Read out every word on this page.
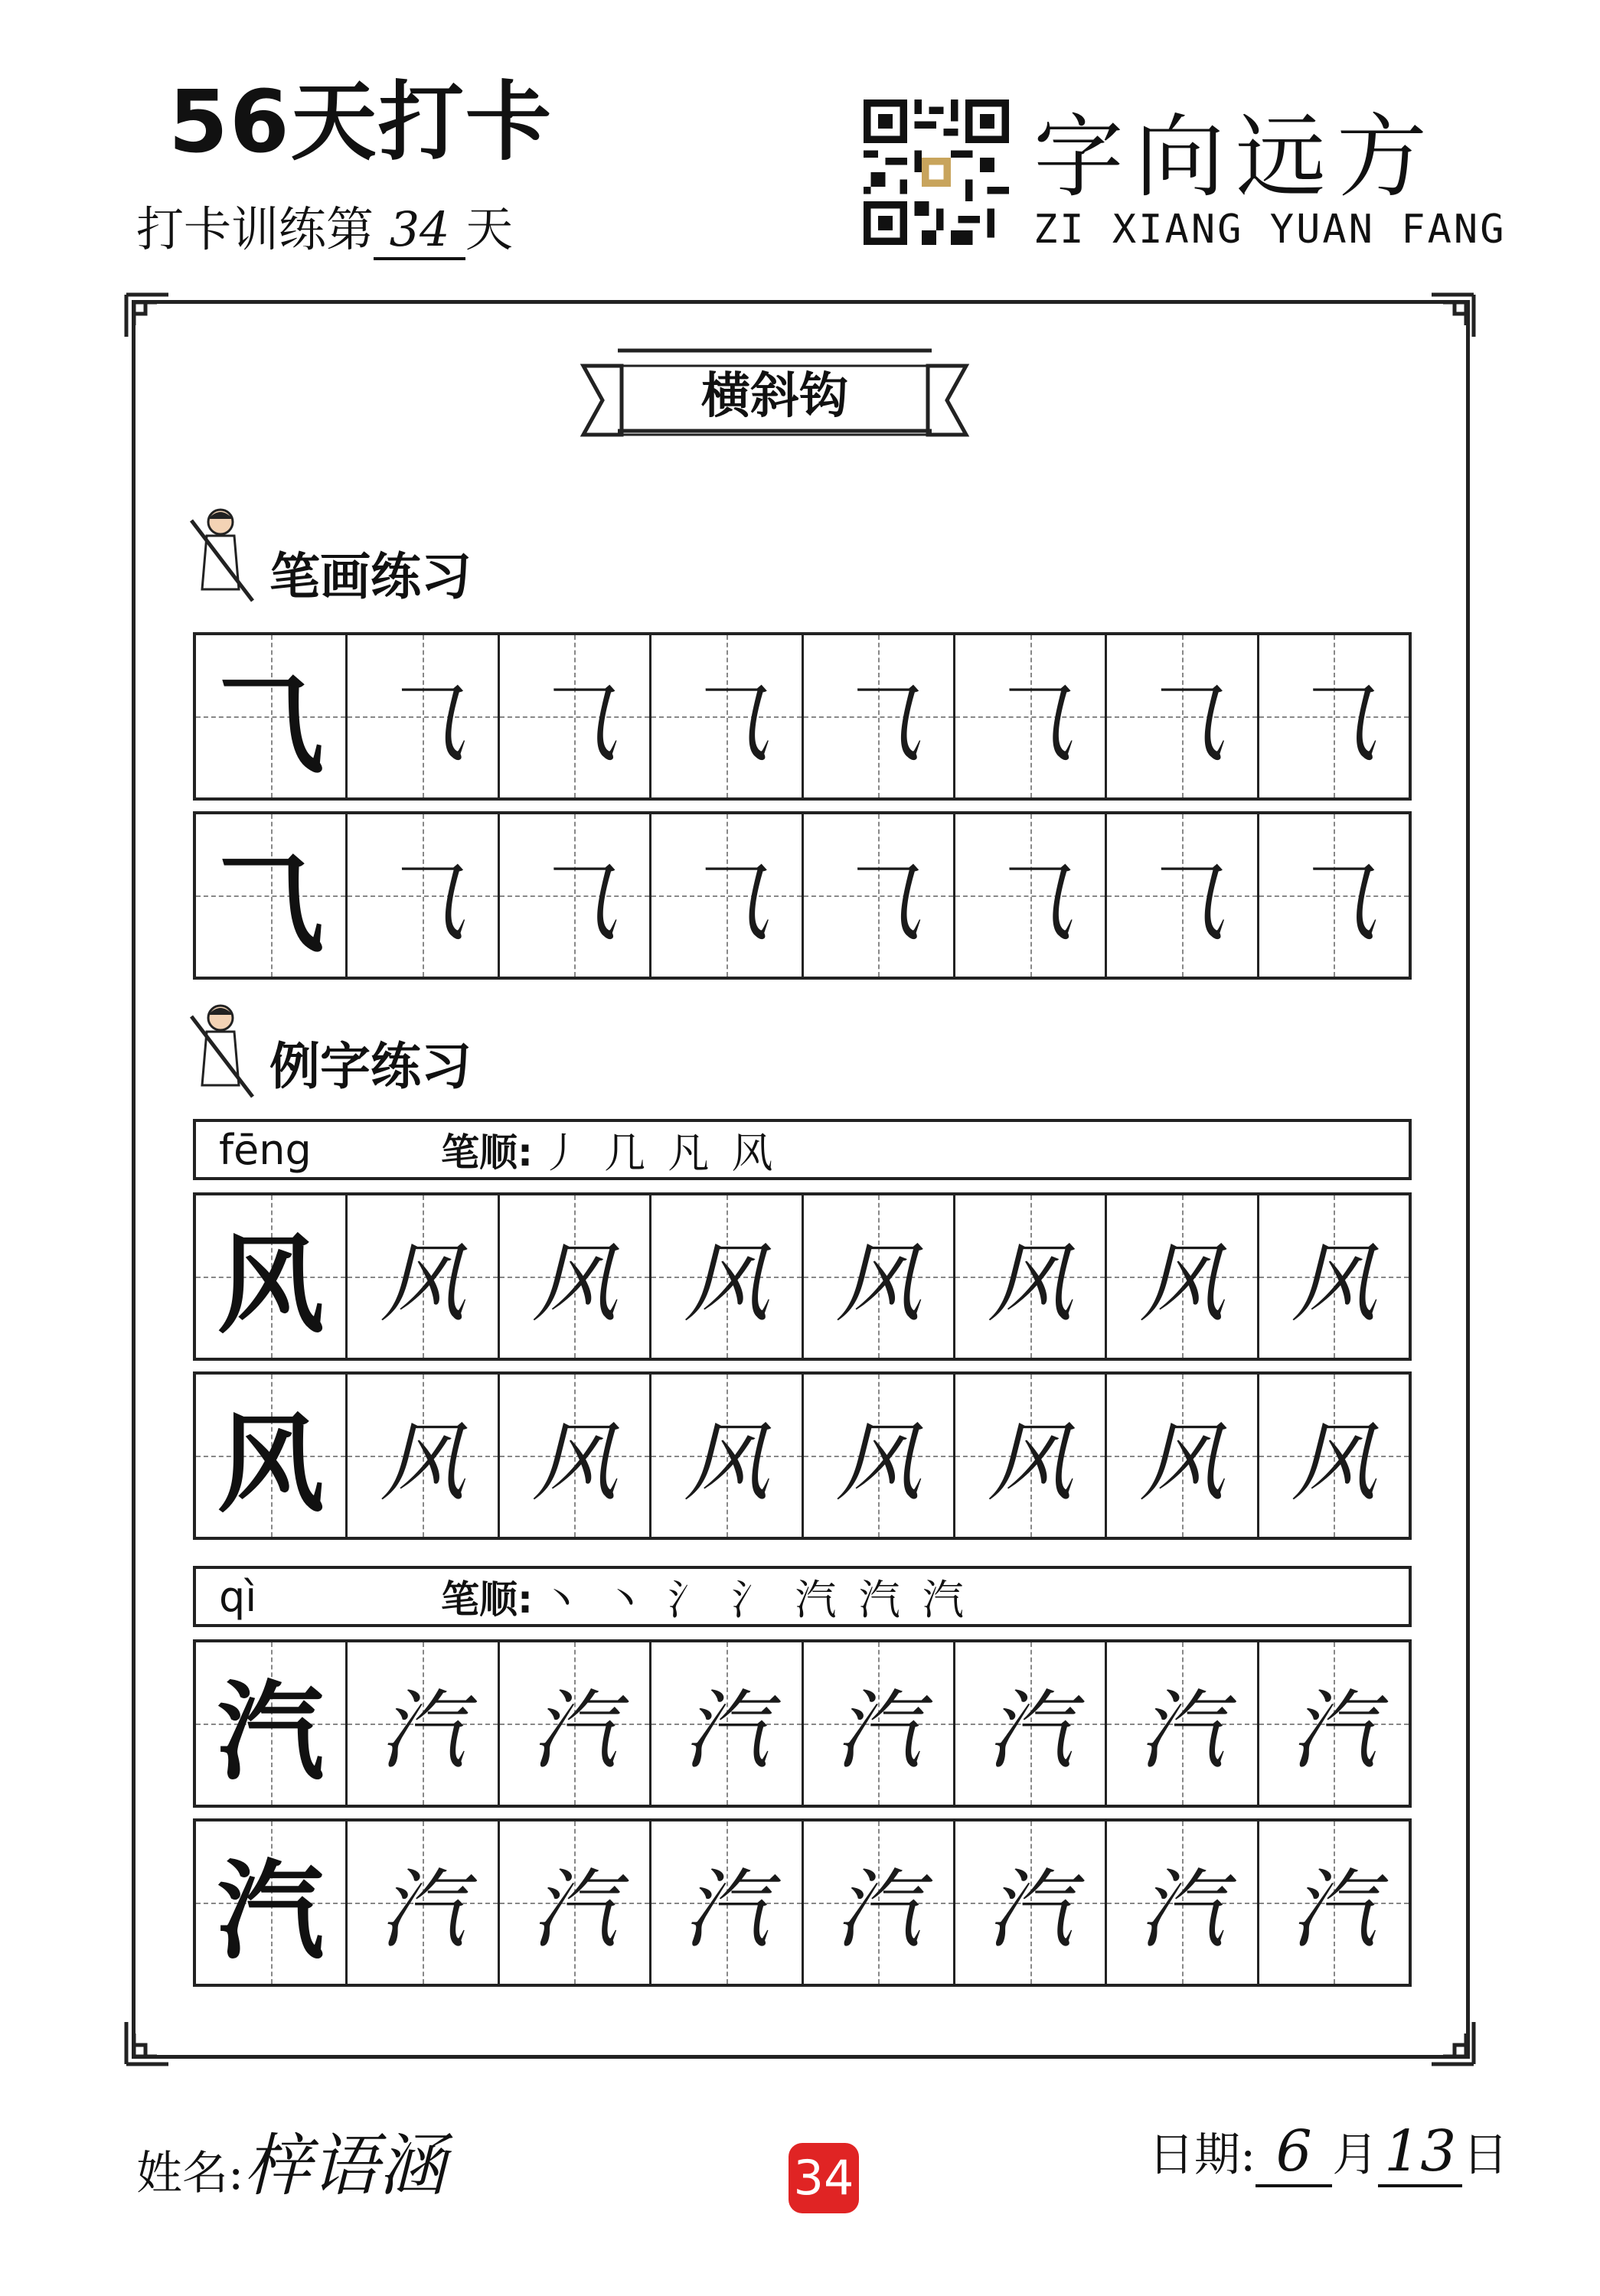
56天打卡
打卡训练第 34 天
字向远方
ZI XIANG YUAN FANG
横斜钩
笔画练习
⺄ ⺄ ⺄ ⺄ ⺄ ⺄ ⺄ ⺄
⺄ ⺄ ⺄ ⺄ ⺄ ⺄ ⺄ ⺄
例字练习
fēng	笔顺: 丿 几 凡 风
风 风 风 风 风 风 风 风
风 风 风 风 风 风 风 风
qì	笔顺: 丶 丶 氵 氵 汽 汽 汽
汽 汽 汽 汽 汽 汽 汽 汽
汽 汽 汽 汽 汽 汽 汽 汽
姓名:梓语涵	34	日期: 6 月 13 日
